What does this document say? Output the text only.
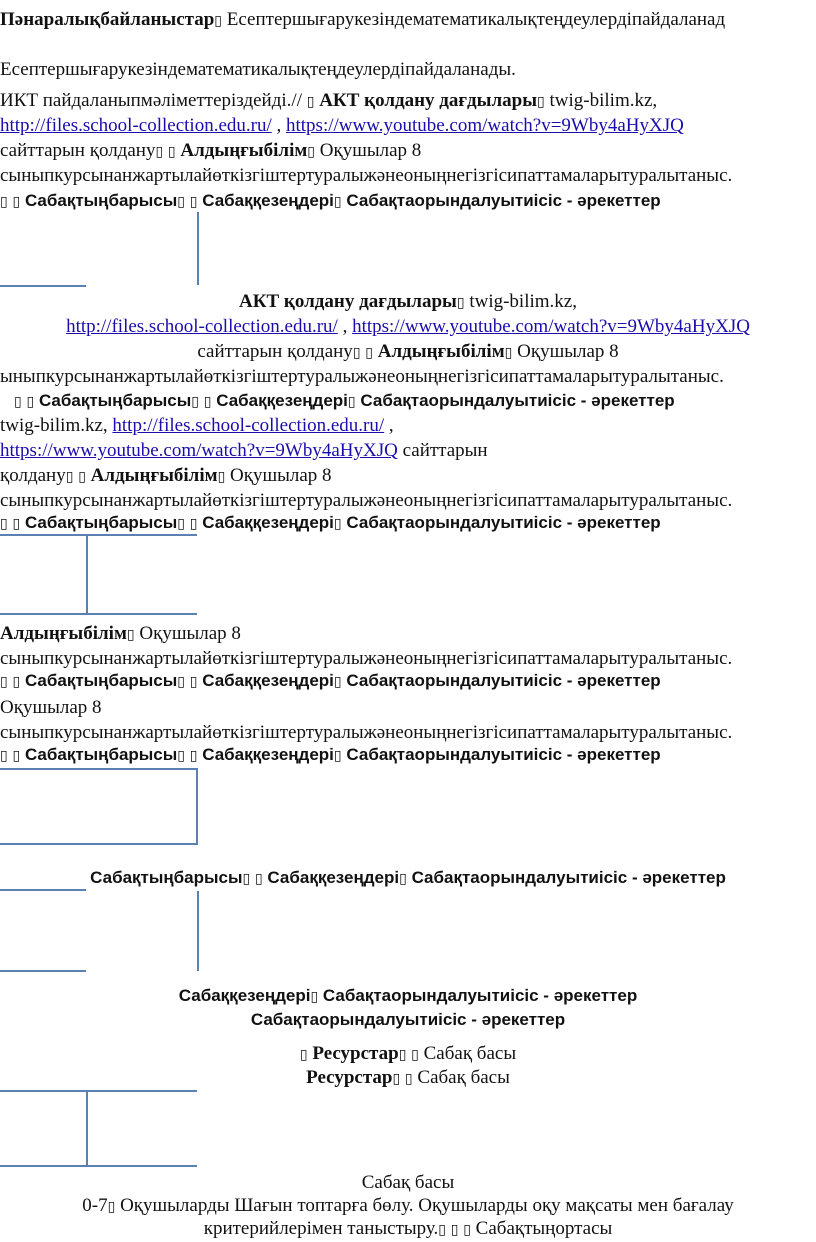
Пәнаралықбайланыстар▯ Есептершығарукезіндематематикалықтеңдеулердіпайдаланад
Есептершығарукезіндематематикалықтеңдеулердіпайдаланады.
ИКТ пайдаланыпмәліметтеріздейді.// ▯ АКТ қолдану дағдылары▯ twig-bilim.kz,
http://files.school-collection.edu.ru/ , https://www.youtube.com/watch?v=9Wby4aHyXJQ
сайттарын қолдану▯ ▯ Алдыңғыбілім▯ Оқушылар 8
сыныпкурсынанжартылайөткізгіштертуралыжәнеоныңнегізгісипаттамаларытуралытаныс.
▯ ▯ Сабақтыңбарысы▯ ▯ Сабаққезеңдері▯ Сабақтаорындалуытиісіс - әрекеттер
АКТ қолдану дағдылары▯ twig-bilim.kz,
http://files.school-collection.edu.ru/ , https://www.youtube.com/watch?v=9Wby4aHyXJQ
сайттарын қолдану▯ ▯ Алдыңғыбілім▯ Оқушылар 8
ыныпкурсынанжартылайөткізгіштертуралыжәнеоныңнегізгісипаттамаларытуралытаныс.
▯ ▯ Сабақтыңбарысы▯ ▯ Сабаққезеңдері▯ Сабақтаорындалуытиісіс - әрекеттер
twig-bilim.kz, http://files.school-collection.edu.ru/ ,
https://www.youtube.com/watch?v=9Wby4aHyXJQ сайттарын
қолдану▯ ▯ Алдыңғыбілім▯ Оқушылар 8
сыныпкурсынанжартылайөткізгіштертуралыжәнеоныңнегізгісипаттамаларытуралытаныс.
▯ ▯ Сабақтыңбарысы▯ ▯ Сабаққезеңдері▯ Сабақтаорындалуытиісіс - әрекеттер
Алдыңғыбілім▯ Оқушылар 8
сыныпкурсынанжартылайөткізгіштертуралыжәнеоныңнегізгісипаттамаларытуралытаныс.
▯ ▯ Сабақтыңбарысы▯ ▯ Сабаққезеңдері▯ Сабақтаорындалуытиісіс - әрекеттер
Оқушылар 8
сыныпкурсынанжартылайөткізгіштертуралыжәнеоныңнегізгісипаттамаларытуралытаныс.
▯ ▯ Сабақтыңбарысы▯ ▯ Сабаққезеңдері▯ Сабақтаорындалуытиісіс - әрекеттер
Сабақтыңбарысы▯ ▯ Сабаққезеңдері▯ Сабақтаорындалуытиісіс - әрекеттер
Сабаққезеңдері▯ Сабақтаорындалуытиісіс - әрекеттер
Сабақтаорындалуытиісіс - әрекеттер
▯ Ресурстар▯ ▯ Сабақ басы
Ресурстар▯ ▯ Сабақ басы
Сабақ басы
0-7▯ Оқушыларды Шағын топтарға бөлу. Оқушыларды оқу мақсаты мен бағалау
критерийлерімен таныстыру.▯ ▯ ▯ Сабақтыңортасы
